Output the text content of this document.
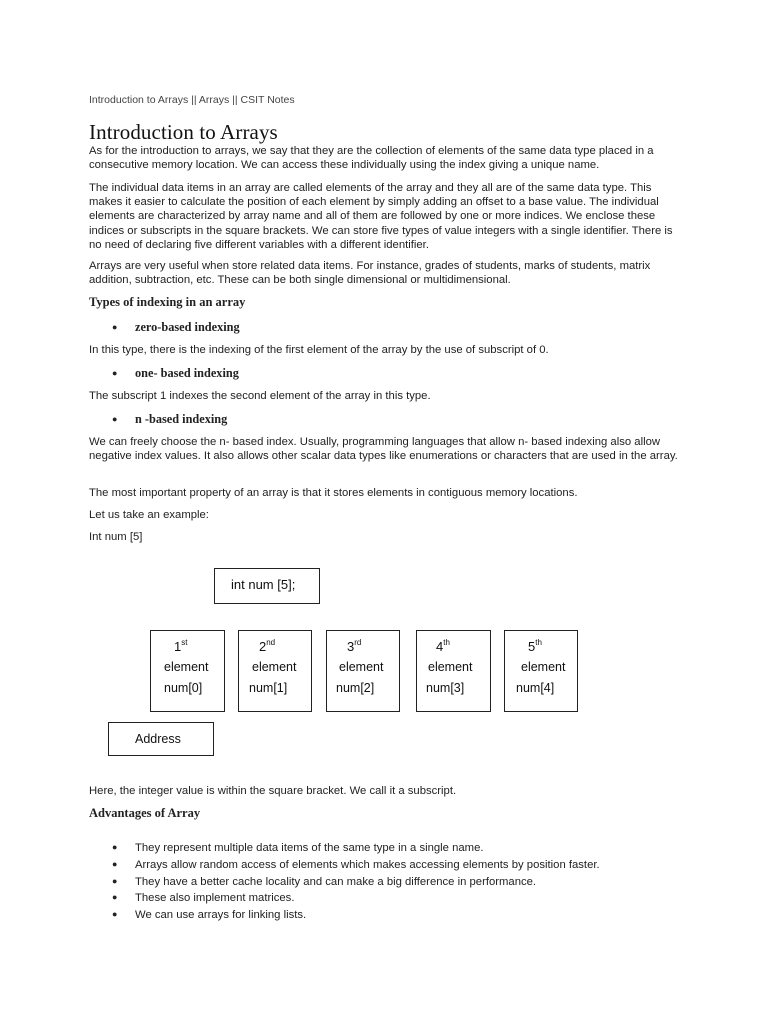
Introduction to Arrays || Arrays || CSIT Notes
Introduction to Arrays

As for the introduction to arrays, we say that they are the collection of elements of the same data type placed in a consecutive memory location. We can access these individually using the index giving a unique name.

The individual data items in an array are called elements of the array and they all are of the same data type. This makes it easier to calculate the position of each element by simply adding an offset to a base value. The individual elements are characterized by array name and all of them are followed by one or more indices. We enclose these indices or subscripts in the square brackets. We can store five types of value integers with a single identifier. There is no need of declaring five different variables with a different identifier.

Arrays are very useful when store related data items. For instance, grades of students, marks of students, matrix addition, subtraction, etc. These can be both single dimensional or multidimensional.

Types of indexing in an array
● zero-based indexing

In this type, there is the indexing of the first element of the array by the use of subscript of 0.

● one- based indexing

The subscript 1 indexes the second element of the array in this type.

● n -based indexing

We can freely choose the n- based index. Usually, programming languages that allow n- based indexing also allow negative index values. It also allows other scalar data types like enumerations or characters that are used in the array.

The most important property of an array is that it stores elements in contiguous memory locations.

Let us take an example:

Int num [5]

int num [5];
1st
element
num[0]
2nd
element
num[1]
3rd
element
num[2]
4th
element
num[3]
5th
element
num[4]
Address

Here, the integer value is within the square bracket. We call it a subscript.

Advantages of Array
● They represent multiple data items of the same type in a single name.
● Arrays allow random access of elements which makes accessing elements by position faster.
● They have a better cache locality and can make a big difference in performance.
● These also implement matrices.
● We can use arrays for linking lists.
